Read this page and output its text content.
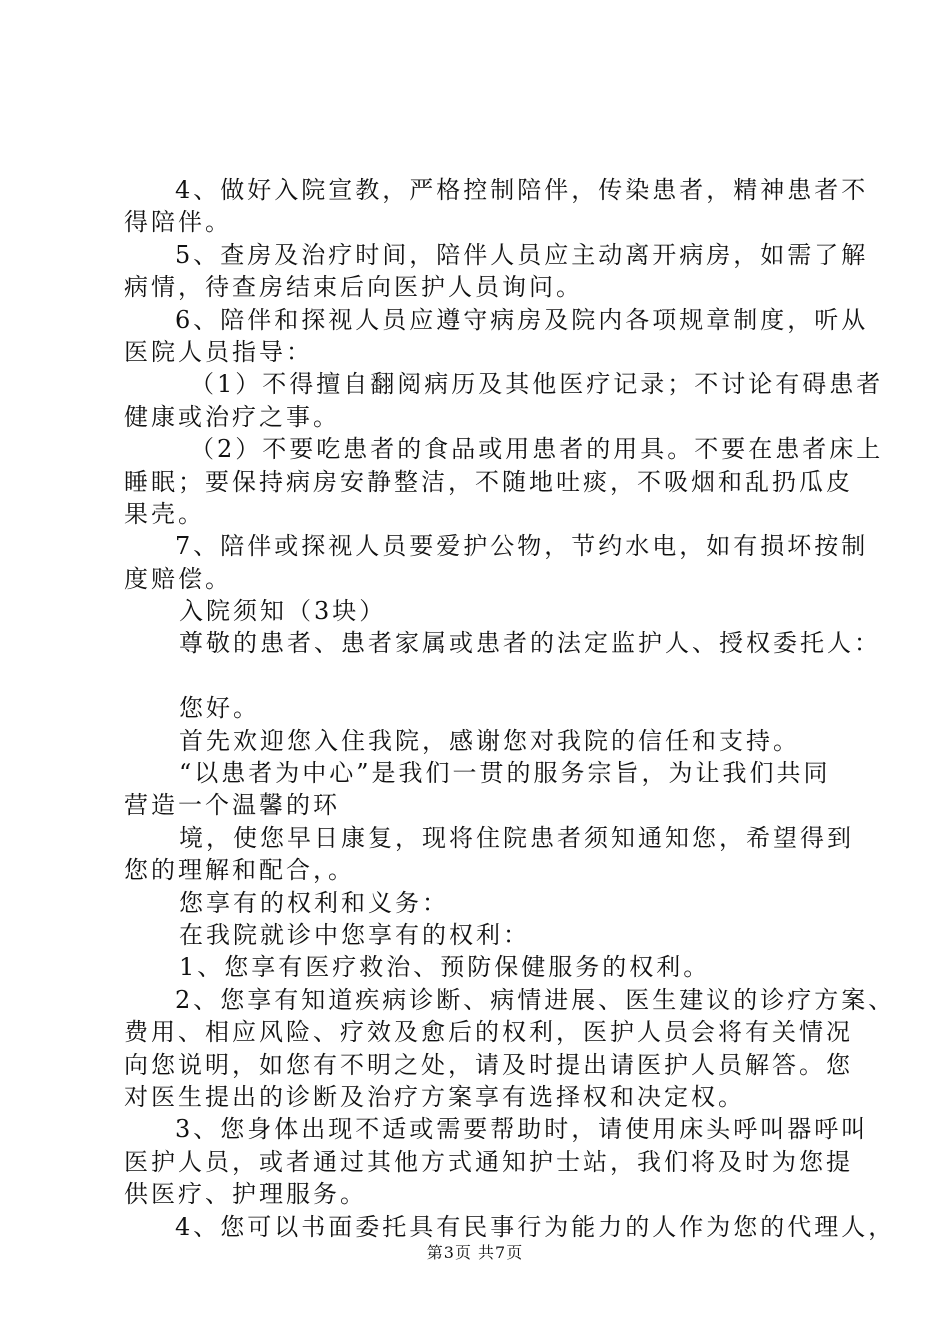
4、做好入院宣教，严格控制陪伴，传染患者，精神患者不
得陪伴。
5、查房及治疗时间，陪伴人员应主动离开病房，如需了解
病情，待查房结束后向医护人员询问。
6、陪伴和探视人员应遵守病房及院内各项规章制度，听从
医院人员指导：
（1）不得擅自翻阅病历及其他医疗记录；不讨论有碍患者
健康或治疗之事。
（2）不要吃患者的食品或用患者的用具。不要在患者床上
睡眠；要保持病房安静整洁，不随地吐痰，不吸烟和乱扔瓜皮
果壳。
7、陪伴或探视人员要爱护公物，节约水电，如有损坏按制
度赔偿。
入院须知（3块）
尊敬的患者、患者家属或患者的法定监护人、授权委托人：
您好。
首先欢迎您入住我院，感谢您对我院的信任和支持。
“以患者为中心”是我们一贯的服务宗旨，为让我们共同
营造一个温馨的环
境，使您早日康复，现将住院患者须知通知您，希望得到
您的理解和配合，。
您享有的权利和义务：
在我院就诊中您享有的权利：
1、您享有医疗救治、预防保健服务的权利。
2、您享有知道疾病诊断、病情进展、医生建议的诊疗方案、
费用、相应风险、疗效及愈后的权利，医护人员会将有关情况
向您说明，如您有不明之处，请及时提出请医护人员解答。您
对医生提出的诊断及治疗方案享有选择权和决定权。
3、您身体出现不适或需要帮助时，请使用床头呼叫器呼叫
医护人员，或者通过其他方式通知护士站，我们将及时为您提
供医疗、护理服务。
4、您可以书面委托具有民事行为能力的人作为您的代理人，
第3页 共7页
